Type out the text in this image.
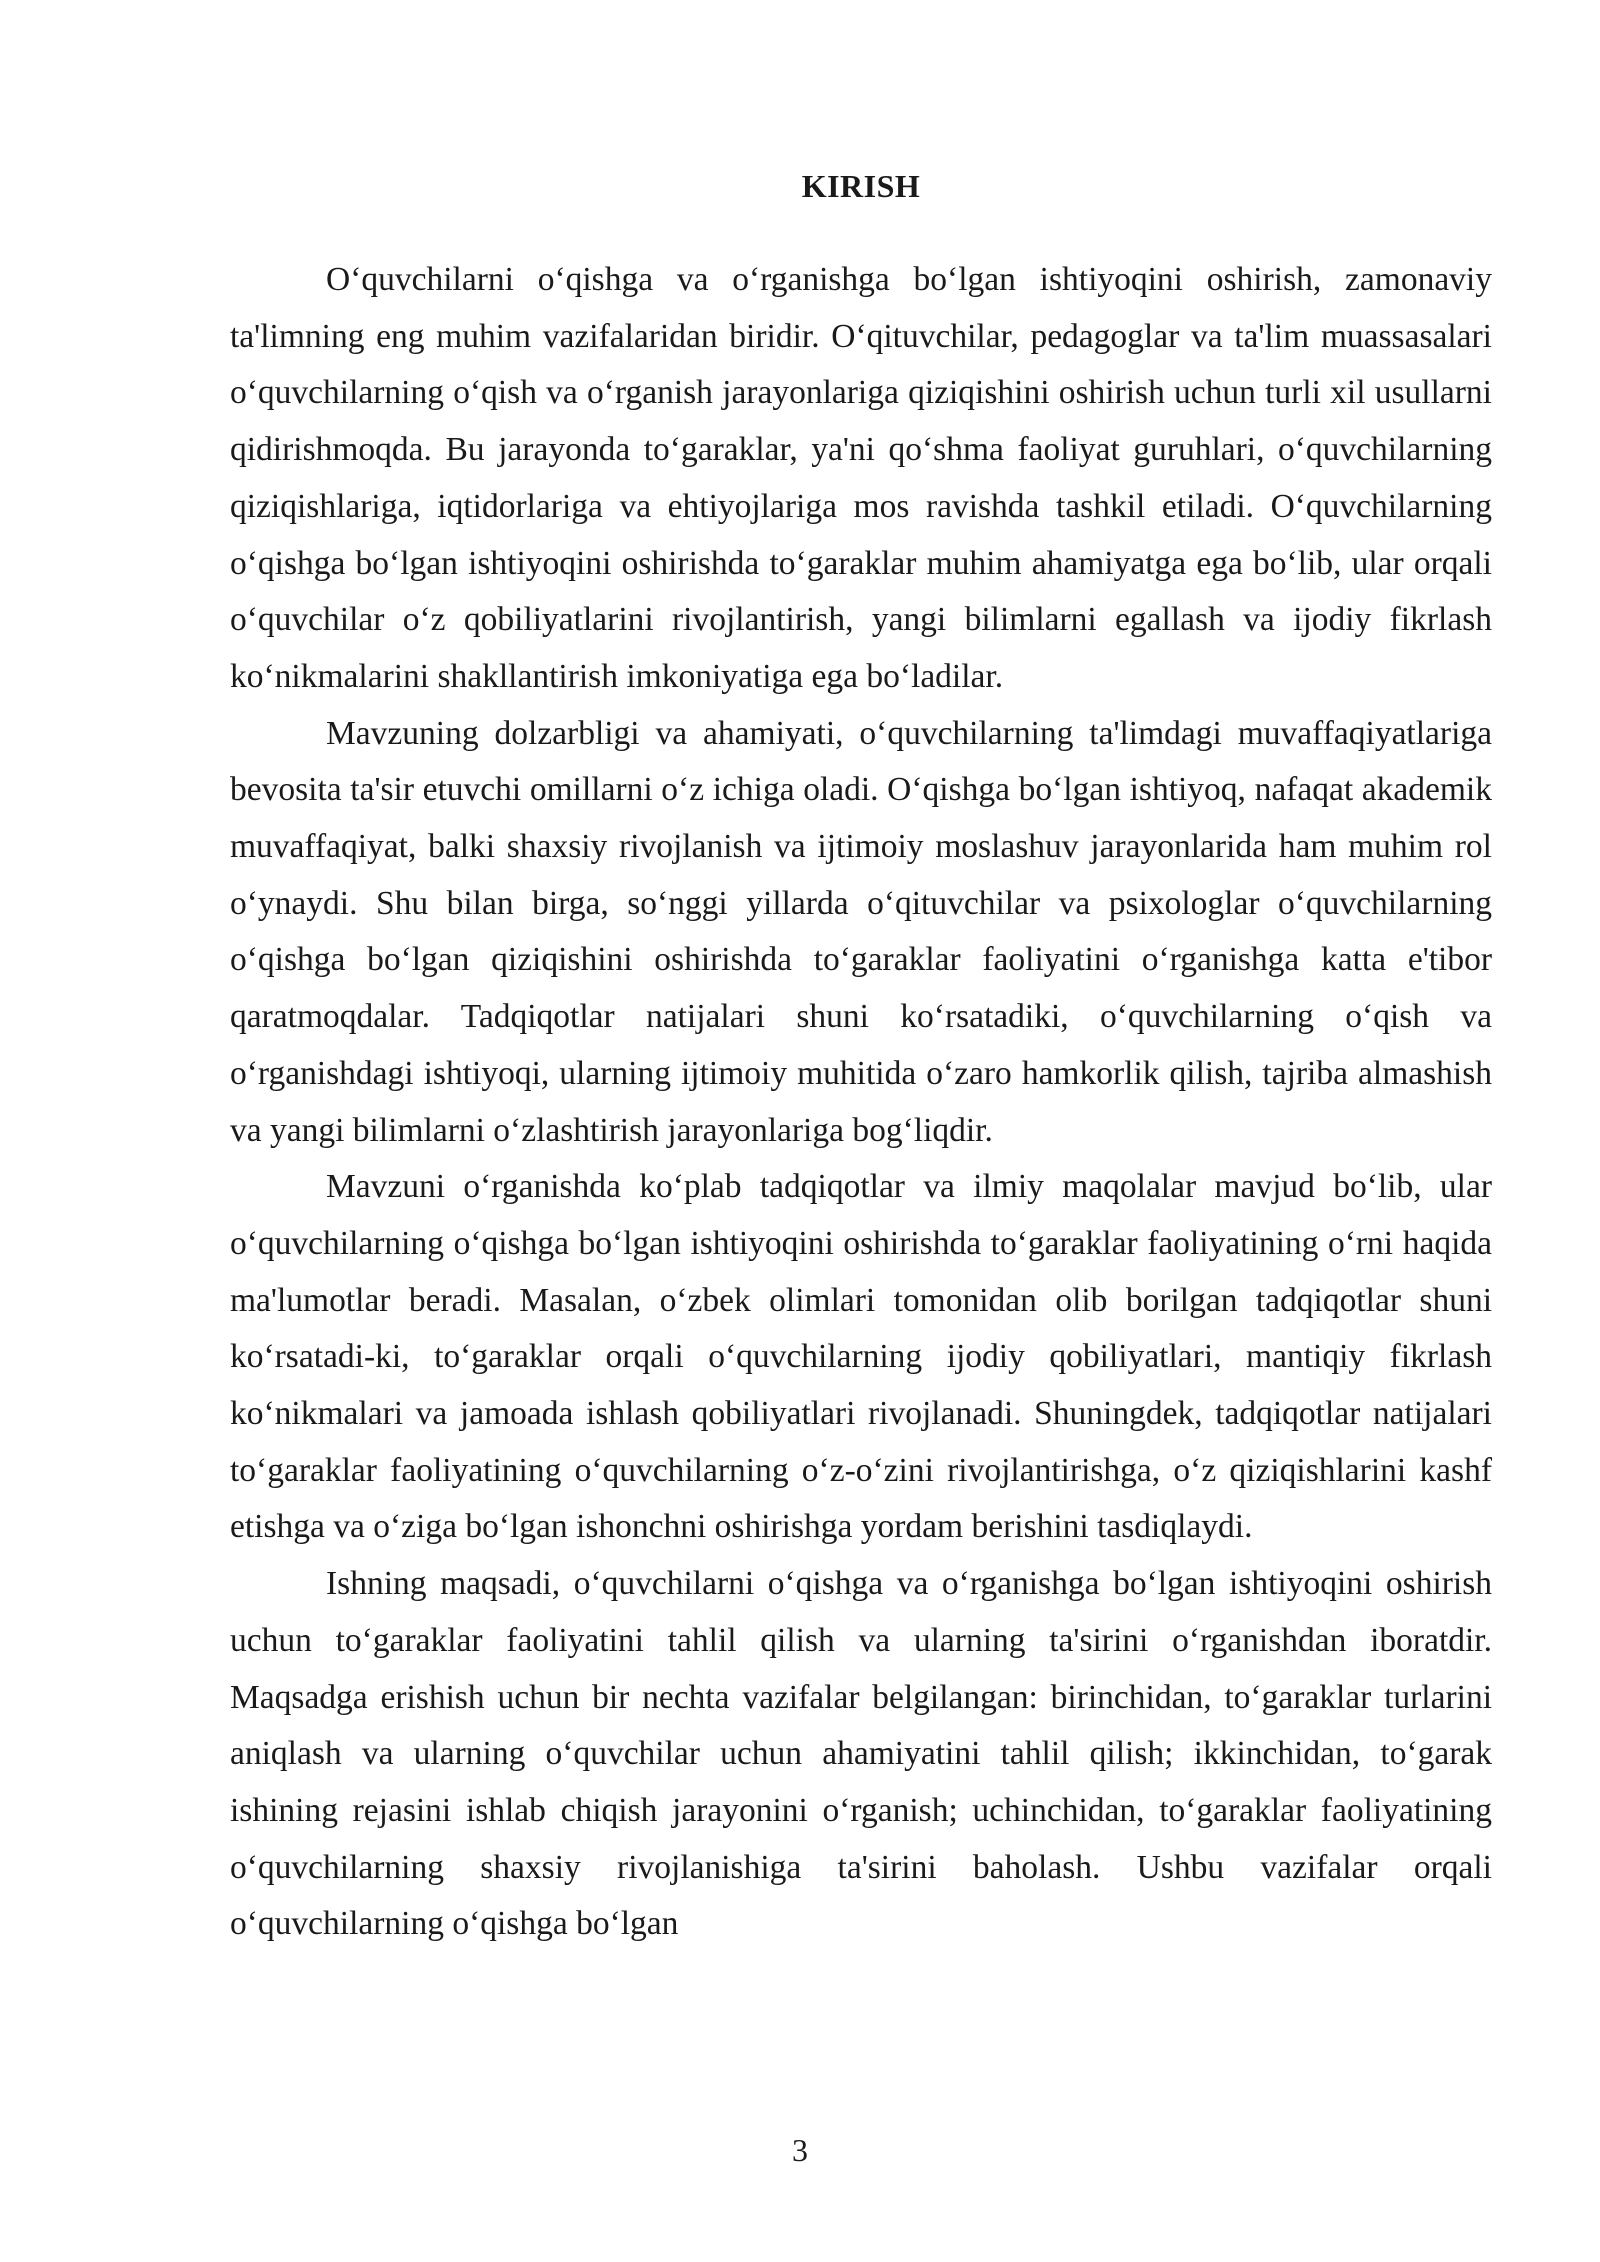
KIRISH

O‘quvchilarni o‘qishga va o‘rganishga bo‘lgan ishtiyoqini oshirish, zamonaviy ta'limning eng muhim vazifalaridan biridir. O‘qituvchilar, pedagoglar va ta'lim muassasalari o‘quvchilarning o‘qish va o‘rganish jarayonlariga qiziqishini oshirish uchun turli xil usullarni qidirishmoqda. Bu jarayonda to‘garaklar, ya'ni qo‘shma faoliyat guruhlari, o‘quvchilarning qiziqishlariga, iqtidorlariga va ehtiyojlariga mos ravishda tashkil etiladi. O‘quvchilarning o‘qishga bo‘lgan ishtiyoqini oshirishda to‘garaklar muhim ahamiyatga ega bo‘lib, ular orqali o‘quvchilar o‘z qobiliyatlarini rivojlantirish, yangi bilimlarni egallash va ijodiy fikrlash ko‘nikmalarini shakllantirish imkoniyatiga ega bo‘ladilar.

Mavzuning dolzarbligi va ahamiyati, o‘quvchilarning ta'limdagi muvaffaqiyatlariga bevosita ta'sir etuvchi omillarni o‘z ichiga oladi. O‘qishga bo‘lgan ishtiyoq, nafaqat akademik muvaffaqiyat, balki shaxsiy rivojlanish va ijtimoiy moslashuv jarayonlarida ham muhim rol o‘ynaydi. Shu bilan birga, so‘nggi yillarda o‘qituvchilar va psixologlar o‘quvchilarning o‘qishga bo‘lgan qiziqishini oshirishda to‘garaklar faoliyatini o‘rganishga katta e'tibor qaratmoqdalar. Tadqiqotlar natijalari shuni ko‘rsatadiki, o‘quvchilarning o‘qish va o‘rganishdagi ishtiyoqi, ularning ijtimoiy muhitida o‘zaro hamkorlik qilish, tajriba almashish va yangi bilimlarni o‘zlashtirish jarayonlariga bog‘liqdir.

Mavzuni o‘rganishda ko‘plab tadqiqotlar va ilmiy maqolalar mavjud bo‘lib, ular o‘quvchilarning o‘qishga bo‘lgan ishtiyoqini oshirishda to‘garaklar faoliyatining o‘rni haqida ma'lumotlar beradi. Masalan, o‘zbek olimlari tomonidan olib borilgan tadqiqotlar shuni ko‘rsatadi-ki, to‘garaklar orqali o‘quvchilarning ijodiy qobiliyatlari, mantiqiy fikrlash ko‘nikmalari va jamoada ishlash qobiliyatlari rivojlanadi. Shuningdek, tadqiqotlar natijalari to‘garaklar faoliyatining o‘quvchilarning o‘z-o‘zini rivojlantirishga, o‘z qiziqishlarini kashf etishga va o‘ziga bo‘lgan ishonchni oshirishga yordam berishini tasdiqlaydi.

Ishning maqsadi, o‘quvchilarni o‘qishga va o‘rganishga bo‘lgan ishtiyoqini oshirish uchun to‘garaklar faoliyatini tahlil qilish va ularning ta'sirini o‘rganishdan iboratdir. Maqsadga erishish uchun bir nechta vazifalar belgilangan: birinchidan, to‘garaklar turlarini aniqlash va ularning o‘quvchilar uchun ahamiyatini tahlil qilish; ikkinchidan, to‘garak ishining rejasini ishlab chiqish jarayonini o‘rganish; uchinchidan, to‘garaklar faoliyatining o‘quvchilarning shaxsiy rivojlanishiga ta'sirini baholash. Ushbu vazifalar orqali o‘quvchilarning o‘qishga bo‘lgan

3
